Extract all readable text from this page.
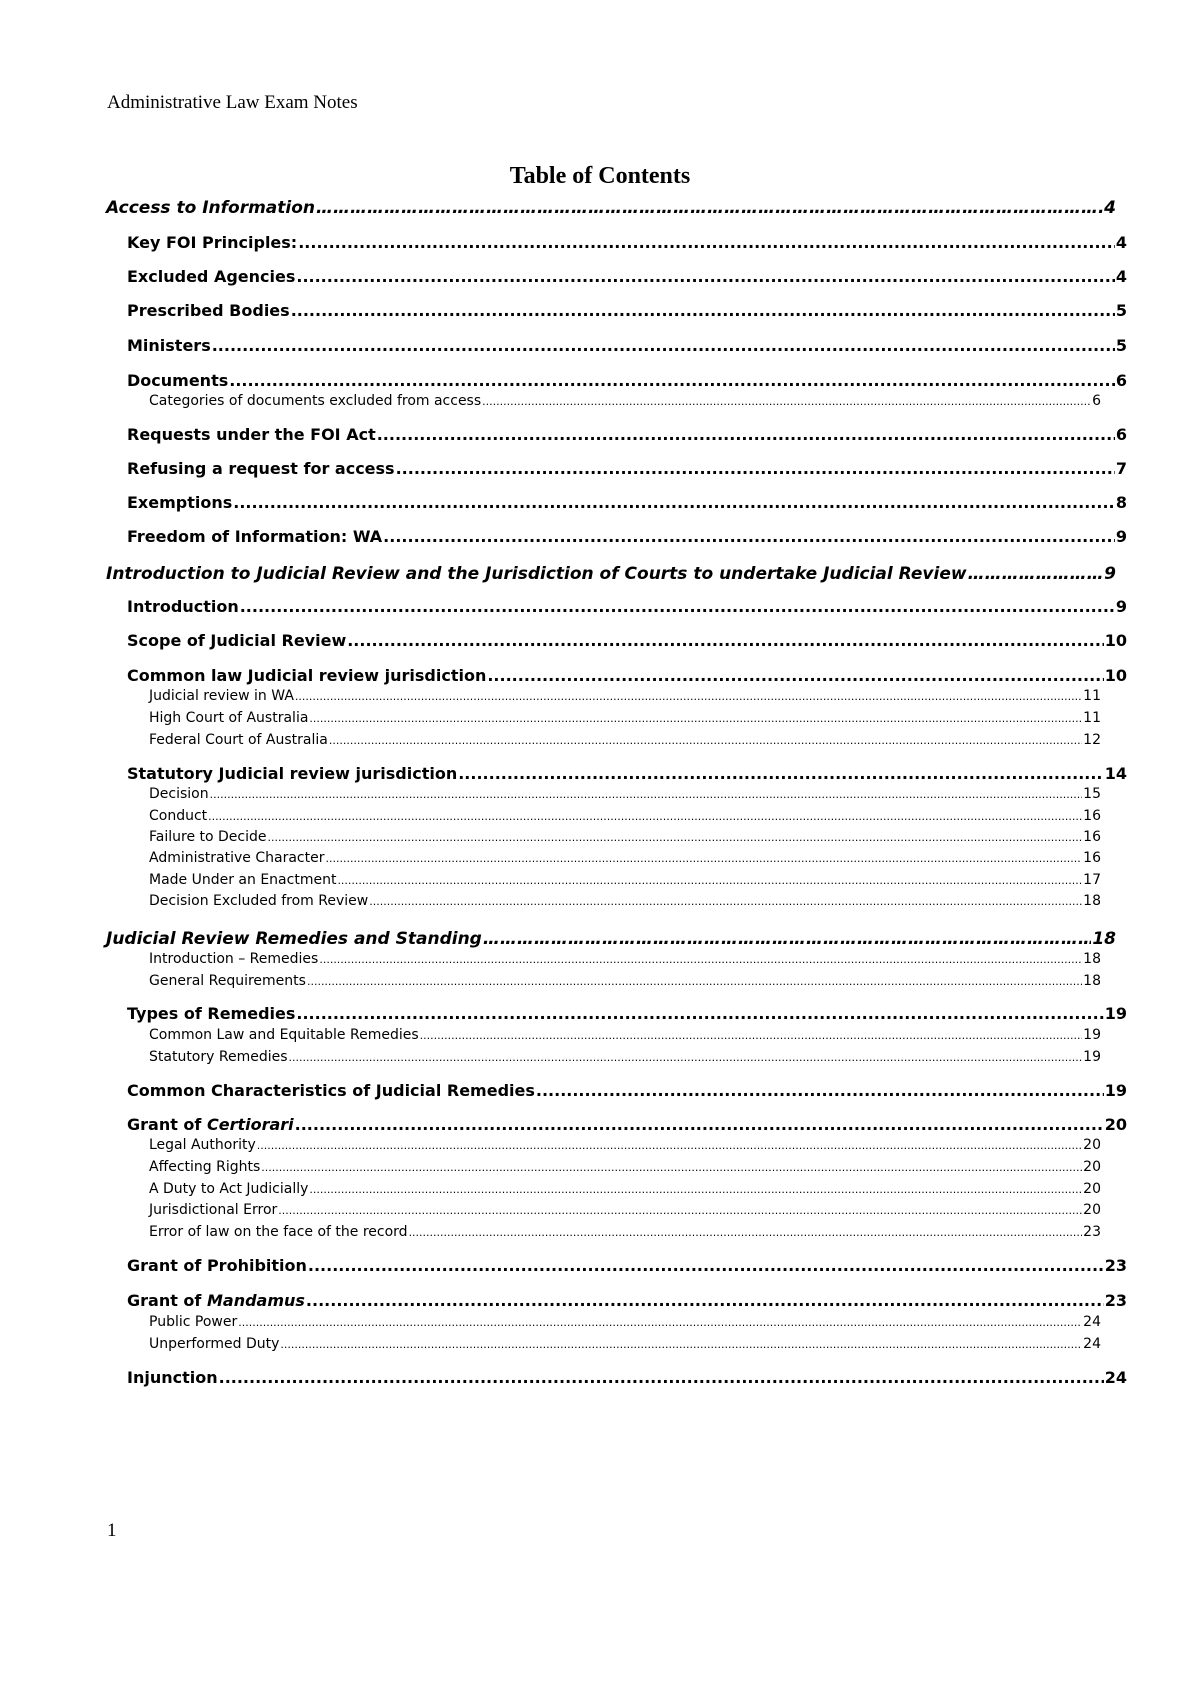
Administrative Law Exam Notes
Table of Contents
Access to Information …………………………………………………………………………………………………………………………………………………………………………………………………………………………………………………………………………………………………………………………………	4
Key FOI Principles: .....	4
Excluded Agencies .....	4
Prescribed Bodies .....	5
Ministers .....	5
Documents .....	6
Categories of documents excluded from access .....	6
Requests under the FOI Act .....	6
Refusing a request for access .....	7
Exemptions .....	8
Freedom of Information: WA .....	9
Introduction to Judicial Review and the Jurisdiction of Courts to undertake Judicial Review …………………………………………………………………………………………………………………………………………………………………………………………………………………………………………………………………………………………………………………………………	9
Introduction .....	9
Scope of Judicial Review .....	10
Common law Judicial review jurisdiction .....	10
Judicial review in WA .....	11
High Court of Australia .....	11
Federal Court of Australia .....	12
Statutory Judicial review jurisdiction .....	14
Decision .....	15
Conduct .....	16
Failure to Decide .....	16
Administrative Character .....	16
Made Under an Enactment .....	17
Decision Excluded from Review .....	18
Judicial Review Remedies and Standing …………………………………………………………………………………………………………………………………………………………………………………………………………………………………………………………………………………………………………………………………	18
Introduction – Remedies .....	18
General Requirements .....	18
Types of Remedies .....	19
Common Law and Equitable Remedies .....	19
Statutory Remedies .....	19
Common Characteristics of Judicial Remedies .....	19
Grant of Certiorari .....	20
Legal Authority .....	20
Affecting Rights .....	20
A Duty to Act Judicially .....	20
Jurisdictional Error .....	20
Error of law on the face of the record .....	23
Grant of Prohibition .....	23
Grant of Mandamus .....	23
Public Power .....	24
Unperformed Duty .....	24
Injunction .....	24
1
